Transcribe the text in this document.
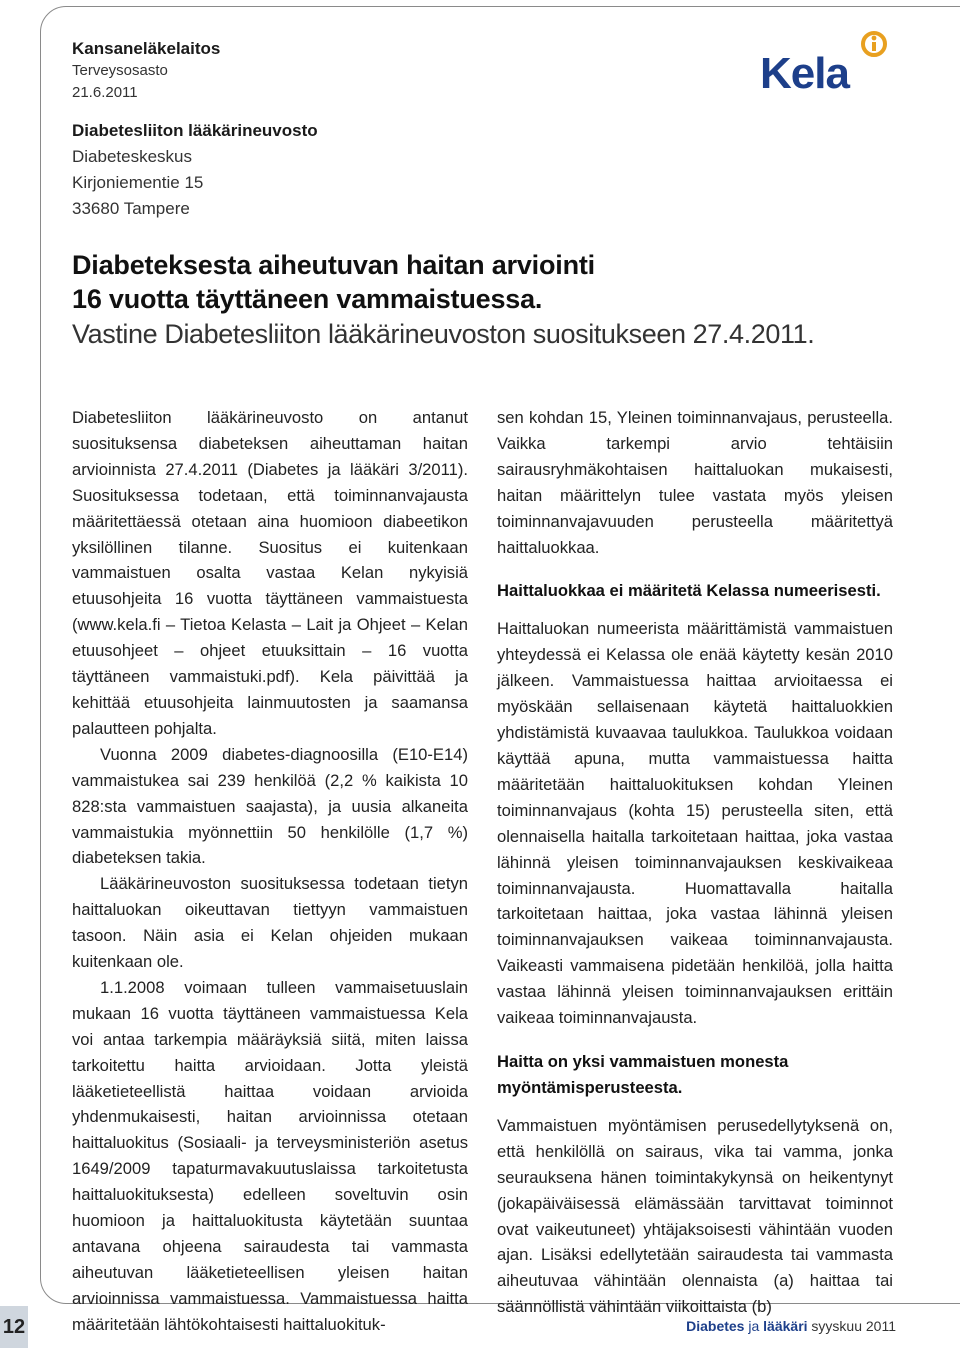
Kela
Kansaneläkelaitos
Terveysosasto
21.6.2011
Diabetesliiton lääkärineuvosto
Diabeteskeskus
Kirjoniementie 15
33680 Tampere
Diabeteksesta aiheutuvan haitan arviointi
16 vuotta täyttäneen vammaistuessa.
Vastine Diabetesliiton lääkärineuvoston suositukseen 27.4.2011.

Diabetesliiton lääkärineuvosto on antanut suosituksensa diabeteksen aiheuttaman haitan arvioinnista 27.4.2011 (Diabetes ja lääkäri 3/2011). Suosituksessa todetaan, että toiminnanvajausta määritettäessä otetaan aina huomioon diabeetikon yksilöllinen tilanne. Suositus ei kuitenkaan vammaistuen osalta vastaa Kelan nykyisiä etuusohjeita 16 vuotta täyttäneen vammaistuesta (www.kela.fi – Tietoa Kelasta – Lait ja Ohjeet – Kelan etuusohjeet – ohjeet etuuksittain – 16 vuotta täyttäneen vammaistuki.pdf). Kela päivittää ja kehittää etuusohjeita lainmuutosten ja saamansa palautteen pohjalta.

Vuonna 2009 diabetes-diagnoosilla (E10-E14) vammaistukea sai 239 henkilöä (2,2 % kaikista 10 828:sta vammaistuen saajasta), ja uusia alkaneita vammaistukia myönnettiin 50 henkilölle (1,7 %) diabeteksen takia.

Lääkärineuvoston suosituksessa todetaan tietyn haittaluokan oikeuttavan tiettyyn vammaistuen tasoon. Näin asia ei Kelan ohjeiden mukaan kuitenkaan ole.

1.1.2008 voimaan tulleen vammaisetuuslain mukaan 16 vuotta täyttäneen vammaistuessa Kela voi antaa tarkempia määräyksiä siitä, miten laissa tarkoitettu haitta arvioidaan. Jotta yleistä lääketieteellistä haittaa voidaan arvioida yhdenmukaisesti, haitan arvioinnissa otetaan haittaluokitus (Sosiaali- ja terveysministeriön asetus 1649/2009 tapaturmavakuutuslaissa tarkoitetusta haittaluokituksesta) edelleen soveltuvin osin huomioon ja haittaluokitusta käytetään suuntaa antavana ohjeena sairaudesta tai vammasta aiheutuvan lääketieteellisen yleisen haitan arvioinnissa vammaistuessa. Vammaistuessa haitta määritetään lähtökohtaisesti haittaluokituk-

sen kohdan 15, Yleinen toiminnanvajaus, perusteella. Vaikka tarkempi arvio tehtäisiin sairausryhmäkohtaisen haittaluokan mukaisesti, haitan määrittelyn tulee vastata myös yleisen toiminnanvajavuuden perusteella määritettyä haittaluokkaa.

Haittaluokkaa ei määritetä Kelassa numeerisesti.

Haittaluokan numeerista määrittämistä vammaistuen yhteydessä ei Kelassa ole enää käytetty kesän 2010 jälkeen. Vammaistuessa haittaa arvioitaessa ei myöskään sellaisenaan käytetä haittaluokkien yhdistämistä kuvaavaa taulukkoa. Taulukkoa voidaan käyttää apuna, mutta vammaistuessa haitta määritetään haittaluokituksen kohdan Yleinen toiminnanvajaus (kohta 15) perusteella siten, että olennaisella haitalla tarkoitetaan haittaa, joka vastaa lähinnä yleisen toiminnanvajauksen keskivaikeaa toiminnanvajausta. Huomattavalla haitalla tarkoitetaan haittaa, joka vastaa lähinnä yleisen toiminnanvajauksen vaikeaa toiminnanvajausta. Vaikeasti vammaisena pidetään henkilöä, jolla haitta vastaa lähinnä yleisen toiminnanvajauksen erittäin vaikeaa toiminnanvajausta.

Haitta on yksi vammaistuen monesta myöntämisperusteesta.

Vammaistuen myöntämisen perusedellytyksenä on, että henkilöllä on sairaus, vika tai vamma, jonka seurauksena hänen toimintakykynsä on heikentynyt (jokapäiväisessä elämässään tarvittavat toiminnot ovat vaikeutuneet) yhtäjaksoisesti vähintään vuoden ajan. Lisäksi edellytetään sairaudesta tai vammasta aiheutuvaa vähintään olennaista (a) haittaa tai säännöllistä vähintään viikoittaista (b)

12	Diabetes ja lääkäri syyskuu 2011
